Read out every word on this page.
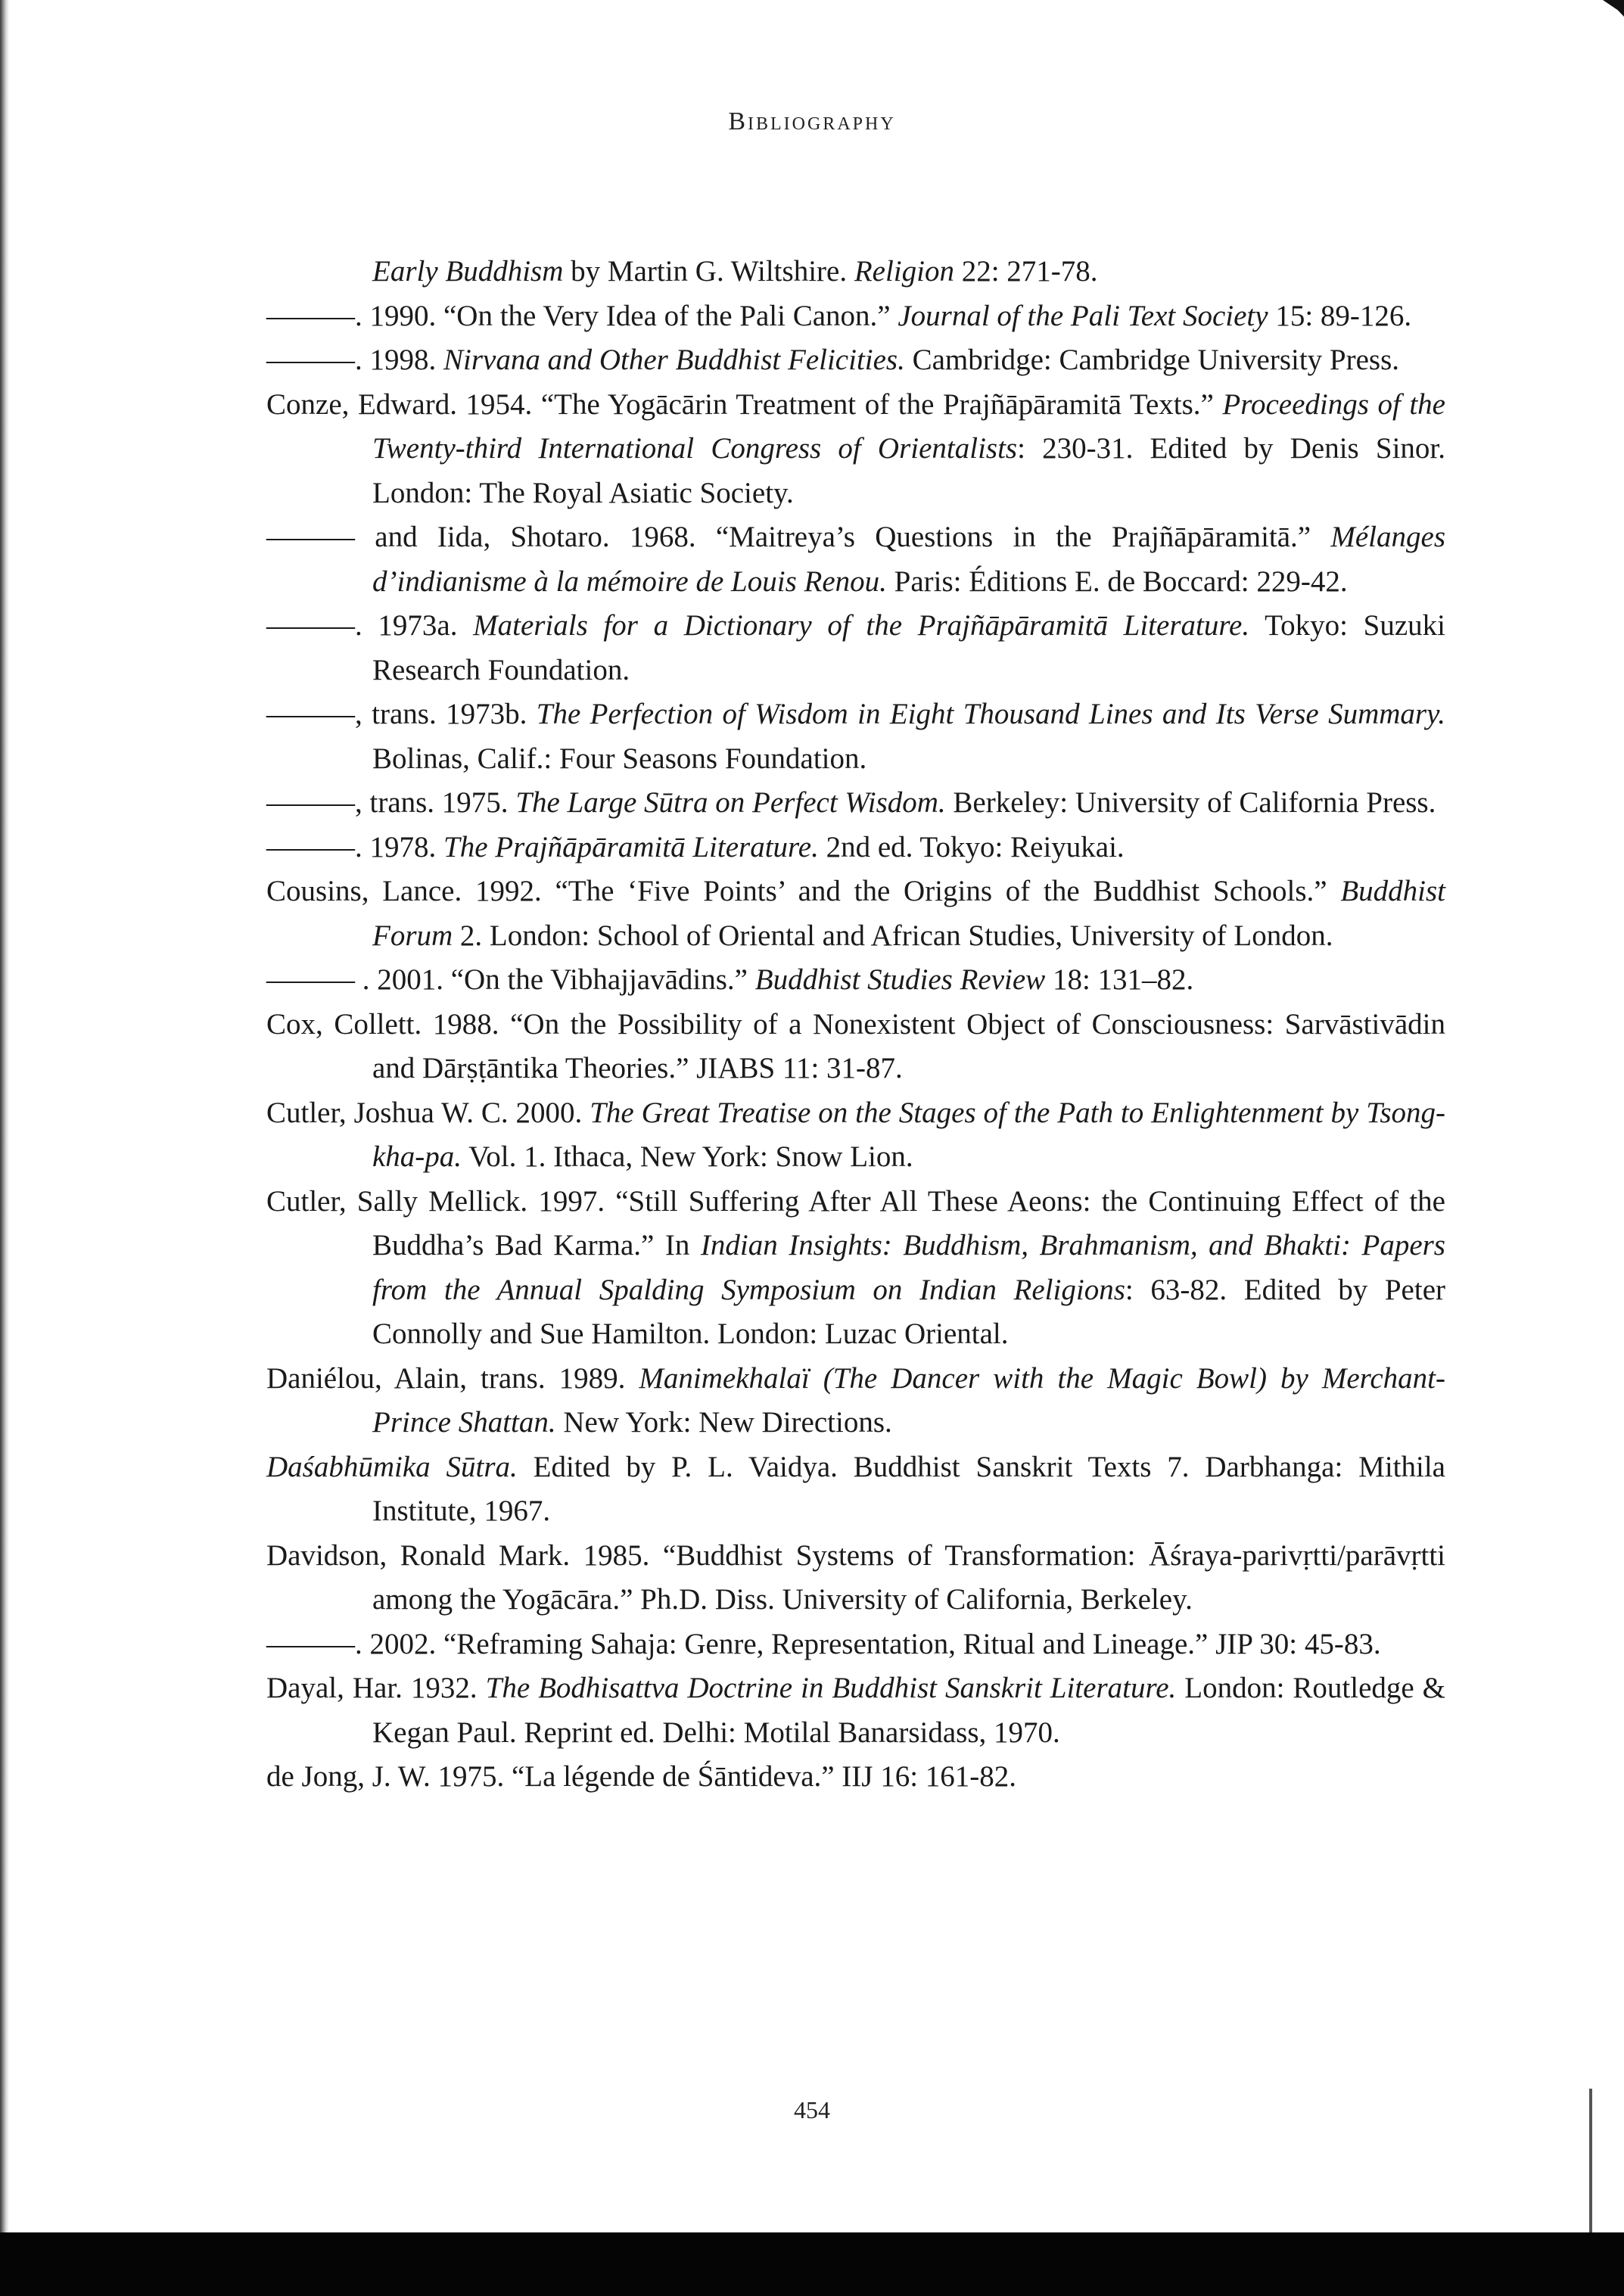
Bibliography
Early Buddhism by Martin G. Wiltshire. Religion 22: 271-78.
———. 1990. “On the Very Idea of the Pali Canon.” Journal of the Pali Text Society 15: 89-126.
———. 1998. Nirvana and Other Buddhist Felicities. Cambridge: Cambridge University Press.
Conze, Edward. 1954. “The Yogācārin Treatment of the Prajñāpāramitā Texts.” Proceedings of the Twenty-third International Congress of Orientalists: 230-31. Edited by Denis Sinor. London: The Royal Asiatic Society.
——— and Iida, Shotaro. 1968. “Maitreya’s Questions in the Prajñāpāramitā.” Mélanges d’indianisme à la mémoire de Louis Renou. Paris: Éditions E. de Boccard: 229-42.
———. 1973a. Materials for a Dictionary of the Prajñāpāramitā Literature. Tokyo: Suzuki Research Foundation.
———, trans. 1973b. The Perfection of Wisdom in Eight Thousand Lines and Its Verse Summary. Bolinas, Calif.: Four Seasons Foundation.
———, trans. 1975. The Large Sūtra on Perfect Wisdom. Berkeley: University of California Press.
———. 1978. The Prajñāpāramitā Literature. 2nd ed. Tokyo: Reiyukai.
Cousins, Lance. 1992. “The ‘Five Points’ and the Origins of the Buddhist Schools.” Buddhist Forum 2. London: School of Oriental and African Studies, University of London.
——— . 2001. “On the Vibhajjavādins.” Buddhist Studies Review 18: 131–82.
Cox, Collett. 1988. “On the Possibility of a Nonexistent Object of Consciousness: Sarvāstivādin and Dārṣṭāntika Theories.” JIABS 11: 31-87.
Cutler, Joshua W. C. 2000. The Great Treatise on the Stages of the Path to Enlightenment by Tsong-kha-pa. Vol. 1. Ithaca, New York: Snow Lion.
Cutler, Sally Mellick. 1997. “Still Suffering After All These Aeons: the Continuing Effect of the Buddha’s Bad Karma.” In Indian Insights: Buddhism, Brahmanism, and Bhakti: Papers from the Annual Spalding Symposium on Indian Religions: 63-82. Edited by Peter Connolly and Sue Hamilton. London: Luzac Oriental.
Daniélou, Alain, trans. 1989. Manimekhalaï (The Dancer with the Magic Bowl) by Merchant-Prince Shattan. New York: New Directions.
Daśabhūmika Sūtra. Edited by P. L. Vaidya. Buddhist Sanskrit Texts 7. Darbhanga: Mithila Institute, 1967.
Davidson, Ronald Mark. 1985. “Buddhist Systems of Transformation: Āśraya-parivṛtti/parāvṛtti among the Yogācāra.” Ph.D. Diss. University of California, Berkeley.
———. 2002. “Reframing Sahaja: Genre, Representation, Ritual and Lineage.” JIP 30: 45-83.
Dayal, Har. 1932. The Bodhisattva Doctrine in Buddhist Sanskrit Literature. London: Routledge & Kegan Paul. Reprint ed. Delhi: Motilal Banarsidass, 1970.
de Jong, J. W. 1975. “La légende de Śāntideva.” IIJ 16: 161-82.
454
